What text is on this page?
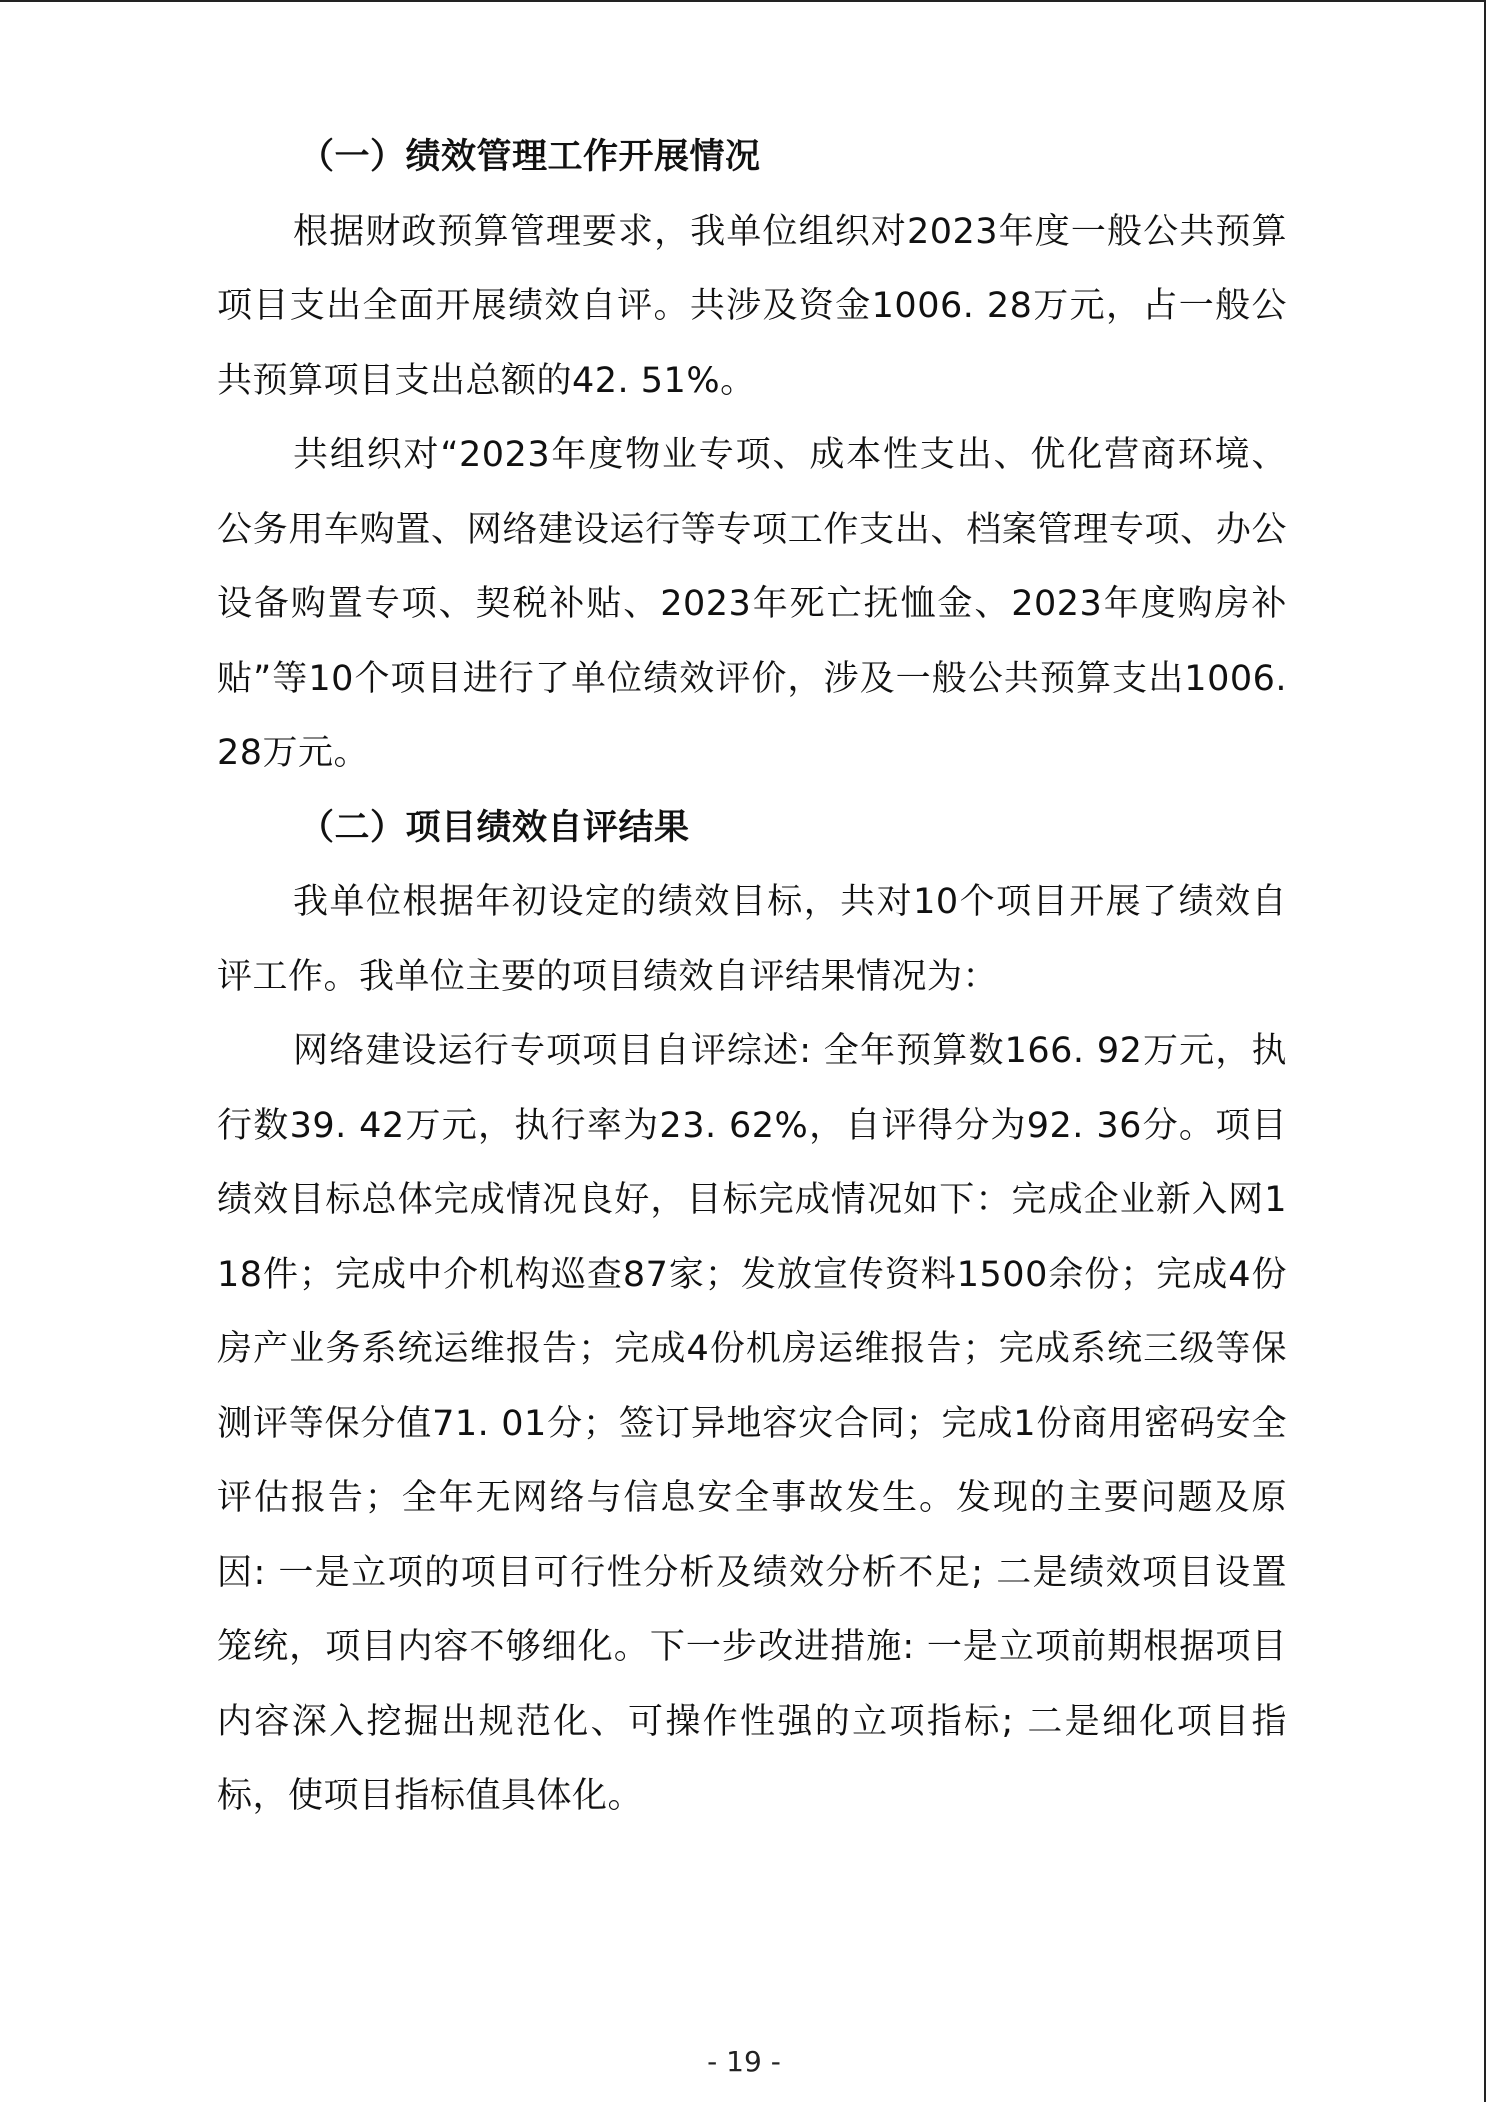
（一）绩效管理工作开展情况

根据财政预算管理要求，我单位组织对2023年度一般公共预算项目支出全面开展绩效自评。共涉及资金1006. 28万元，占一般公共预算项目支出总额的42. 51%。

共组织对“2023年度物业专项、成本性支出、优化营商环境、公务用车购置、网络建设运行等专项工作支出、档案管理专项、办公设备购置专项、契税补贴、2023年死亡抚恤金、2023年度购房补贴”等10个项目进行了单位绩效评价，涉及一般公共预算支出1006. 28万元。

（二）项目绩效自评结果

我单位根据年初设定的绩效目标，共对10个项目开展了绩效自评工作。我单位主要的项目绩效自评结果情况为：

网络建设运行专项项目自评综述: 全年预算数166. 92万元，执行数39. 42万元，执行率为23. 62%，自评得分为92. 36分。项目绩效目标总体完成情况良好，目标完成情况如下：完成企业新入网118件；完成中介机构巡查87家；发放宣传资料1500余份；完成4份房产业务系统运维报告；完成4份机房运维报告；完成系统三级等保测评等保分值71. 01分；签订异地容灾合同；完成1份商用密码安全评估报告；全年无网络与信息安全事故发生。发现的主要问题及原因: 一是立项的项目可行性分析及绩效分析不足; 二是绩效项目设置笼统，项目内容不够细化。下一步改进措施: 一是立项前期根据项目内容深入挖掘出规范化、可操作性强的立项指标; 二是细化项目指标，使项目指标值具体化。

- 19 -
